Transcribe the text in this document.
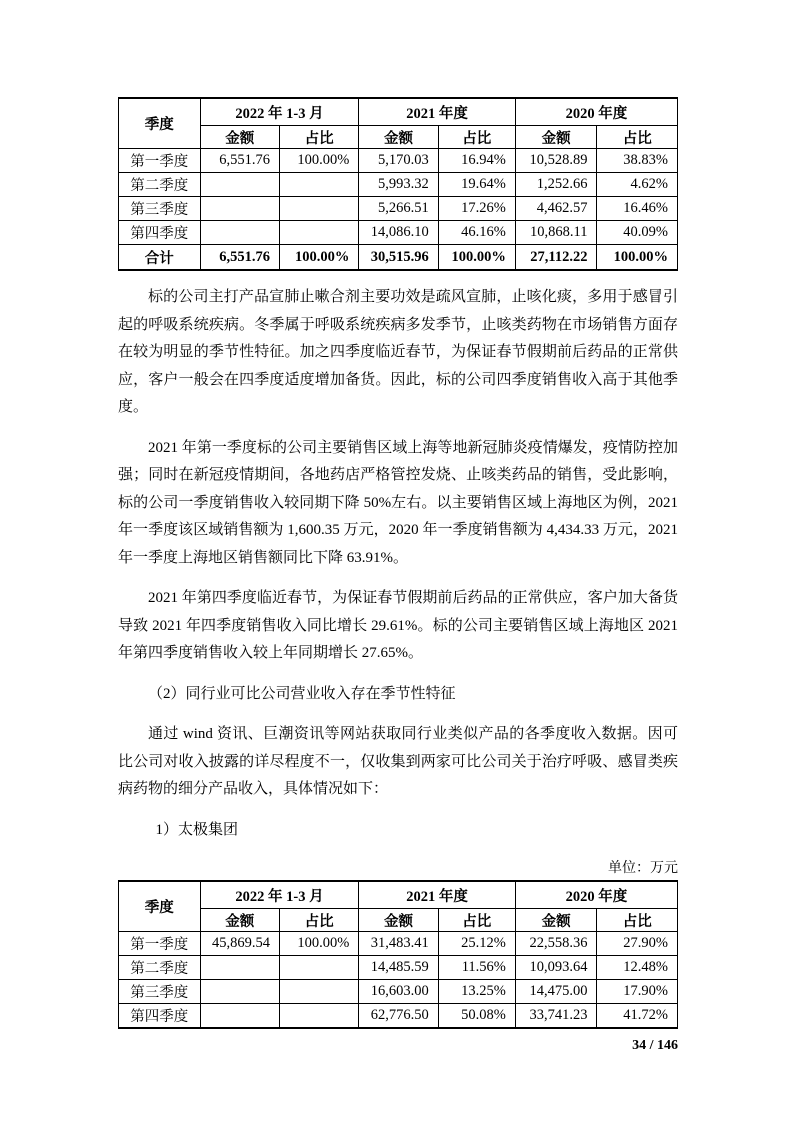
季度	2022 年 1-3 月		2021 年度		2020 年度	
	金额	占比	金额	占比	金额	占比
第一季度	6,551.76	100.00%	5,170.03	16.94%	10,528.89	38.83%
第二季度			5,993.32	19.64%	1,252.66	4.62%
第三季度			5,266.51	17.26%	4,462.57	16.46%
第四季度			14,086.10	46.16%	10,868.11	40.09%
合计	6,551.76	100.00%	30,515.96	100.00%	27,112.22	100.00%

标的公司主打产品宣肺止嗽合剂主要功效是疏风宣肺，止咳化痰，多用于感冒引起的呼吸系统疾病。冬季属于呼吸系统疾病多发季节，止咳类药物在市场销售方面存在较为明显的季节性特征。加之四季度临近春节，为保证春节假期前后药品的正常供应，客户一般会在四季度适度增加备货。因此，标的公司四季度销售收入高于其他季度。

2021 年第一季度标的公司主要销售区域上海等地新冠肺炎疫情爆发，疫情防控加强；同时在新冠疫情期间，各地药店严格管控发烧、止咳类药品的销售，受此影响，标的公司一季度销售收入较同期下降 50%左右。以主要销售区域上海地区为例，2021 年一季度该区域销售额为 1,600.35 万元，2020 年一季度销售额为 4,434.33 万元，2021 年一季度上海地区销售额同比下降 63.91%。

2021 年第四季度临近春节，为保证春节假期前后药品的正常供应，客户加大备货导致 2021 年四季度销售收入同比增长 29.61%。标的公司主要销售区域上海地区 2021 年第四季度销售收入较上年同期增长 27.65%。

（2）同行业可比公司营业收入存在季节性特征

通过 wind 资讯、巨潮资讯等网站获取同行业类似产品的各季度收入数据。因可比公司对收入披露的详尽程度不一，仅收集到两家可比公司关于治疗呼吸、感冒类疾病药物的细分产品收入，具体情况如下：

1）太极集团

单位：万元
季度	2022 年 1-3 月		2021 年度		2020 年度	
	金额	占比	金额	占比	金额	占比
第一季度	45,869.54	100.00%	31,483.41	25.12%	22,558.36	27.90%
第二季度			14,485.59	11.56%	10,093.64	12.48%
第三季度			16,603.00	13.25%	14,475.00	17.90%
第四季度			62,776.50	50.08%	33,741.23	41.72%
34 / 146
